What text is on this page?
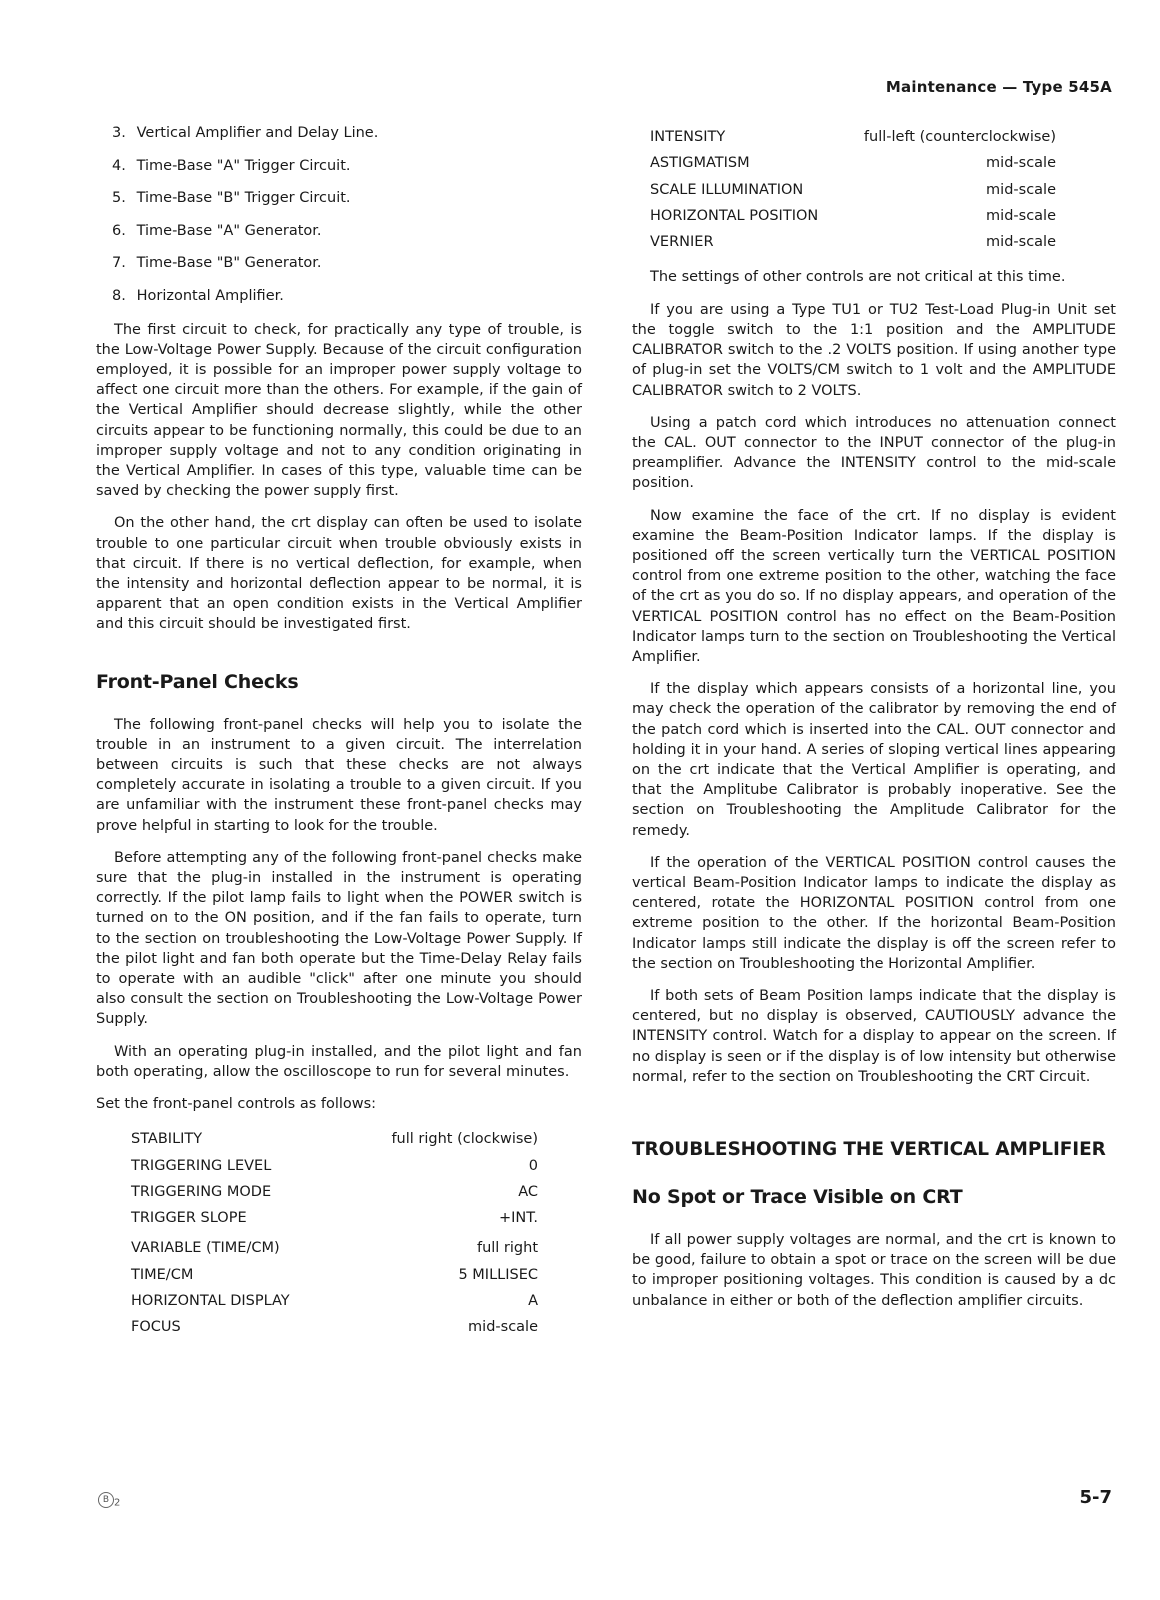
Maintenance — Type 545A
3. Vertical Amplifier and Delay Line.
4. Time-Base "A" Trigger Circuit.
5. Time-Base "B" Trigger Circuit.
6. Time-Base "A" Generator.
7. Time-Base "B" Generator.
8. Horizontal Amplifier.

The first circuit to check, for practically any type of trouble, is the Low-Voltage Power Supply. Because of the circuit configuration employed, it is possible for an improper power supply voltage to affect one circuit more than the others. For example, if the gain of the Vertical Amplifier should decrease slightly, while the other circuits appear to be functioning normally, this could be due to an improper supply voltage and not to any condition originating in the Vertical Amplifier. In cases of this type, valuable time can be saved by checking the power supply first.

On the other hand, the crt display can often be used to isolate trouble to one particular circuit when trouble obviously exists in that circuit. If there is no vertical deflection, for example, when the intensity and horizontal deflection appear to be normal, it is apparent that an open condition exists in the Vertical Amplifier and this circuit should be investigated first.

Front-Panel Checks

The following front-panel checks will help you to isolate the trouble in an instrument to a given circuit. The interrelation between circuits is such that these checks are not always completely accurate in isolating a trouble to a given circuit. If you are unfamiliar with the instrument these front-panel checks may prove helpful in starting to look for the trouble.

Before attempting any of the following front-panel checks make sure that the plug-in installed in the instrument is operating correctly. If the pilot lamp fails to light when the POWER switch is turned on to the ON position, and if the fan fails to operate, turn to the section on troubleshooting the Low-Voltage Power Supply. If the pilot light and fan both operate but the Time-Delay Relay fails to operate with an audible "click" after one minute you should also consult the section on Troubleshooting the Low-Voltage Power Supply.

With an operating plug-in installed, and the pilot light and fan both operating, allow the oscilloscope to run for several minutes.

Set the front-panel controls as follows:

STABILITY	full right (clockwise)
TRIGGERING LEVEL	0
TRIGGERING MODE	AC
TRIGGER SLOPE	+INT.
VARIABLE (TIME/CM)	full right
TIME/CM	5 MILLISEC
HORIZONTAL DISPLAY	A
FOCUS	mid-scale
INTENSITY	full-left (counterclockwise)
ASTIGMATISM	mid-scale
SCALE ILLUMINATION	mid-scale
HORIZONTAL POSITION	mid-scale
VERNIER	mid-scale

The settings of other controls are not critical at this time.

If you are using a Type TU1 or TU2 Test-Load Plug-in Unit set the toggle switch to the 1:1 position and the AMPLITUDE CALIBRATOR switch to the .2 VOLTS position. If using another type of plug-in set the VOLTS/CM switch to 1 volt and the AMPLITUDE CALIBRATOR switch to 2 VOLTS.

Using a patch cord which introduces no attenuation connect the CAL. OUT connector to the INPUT connector of the plug-in preamplifier. Advance the INTENSITY control to the mid-scale position.

Now examine the face of the crt. If no display is evident examine the Beam-Position Indicator lamps. If the display is positioned off the screen vertically turn the VERTICAL POSITION control from one extreme position to the other, watching the face of the crt as you do so. If no display appears, and operation of the VERTICAL POSITION control has no effect on the Beam-Position Indicator lamps turn to the section on Troubleshooting the Vertical Amplifier.

If the display which appears consists of a horizontal line, you may check the operation of the calibrator by removing the end of the patch cord which is inserted into the CAL. OUT connector and holding it in your hand. A series of sloping vertical lines appearing on the crt indicate that the Vertical Amplifier is operating, and that the Amplitube Calibrator is probably inoperative. See the section on Troubleshooting the Amplitude Calibrator for the remedy.

If the operation of the VERTICAL POSITION control causes the vertical Beam-Position Indicator lamps to indicate the display as centered, rotate the HORIZONTAL POSITION control from one extreme position to the other. If the horizontal Beam-Position Indicator lamps still indicate the display is off the screen refer to the section on Troubleshooting the Horizontal Amplifier.

If both sets of Beam Position lamps indicate that the display is centered, but no display is observed, CAUTIOUSLY advance the INTENSITY control. Watch for a display to appear on the screen. If no display is seen or if the display is of low intensity but otherwise normal, refer to the section on Troubleshooting the CRT Circuit.

TROUBLESHOOTING THE VERTICAL AMPLIFIER
No Spot or Trace Visible on CRT

If all power supply voltages are normal, and the crt is known to be good, failure to obtain a spot or trace on the screen will be due to improper positioning voltages. This condition is caused by a dc unbalance in either or both of the deflection amplifier circuits.

B $_2$	5-7
